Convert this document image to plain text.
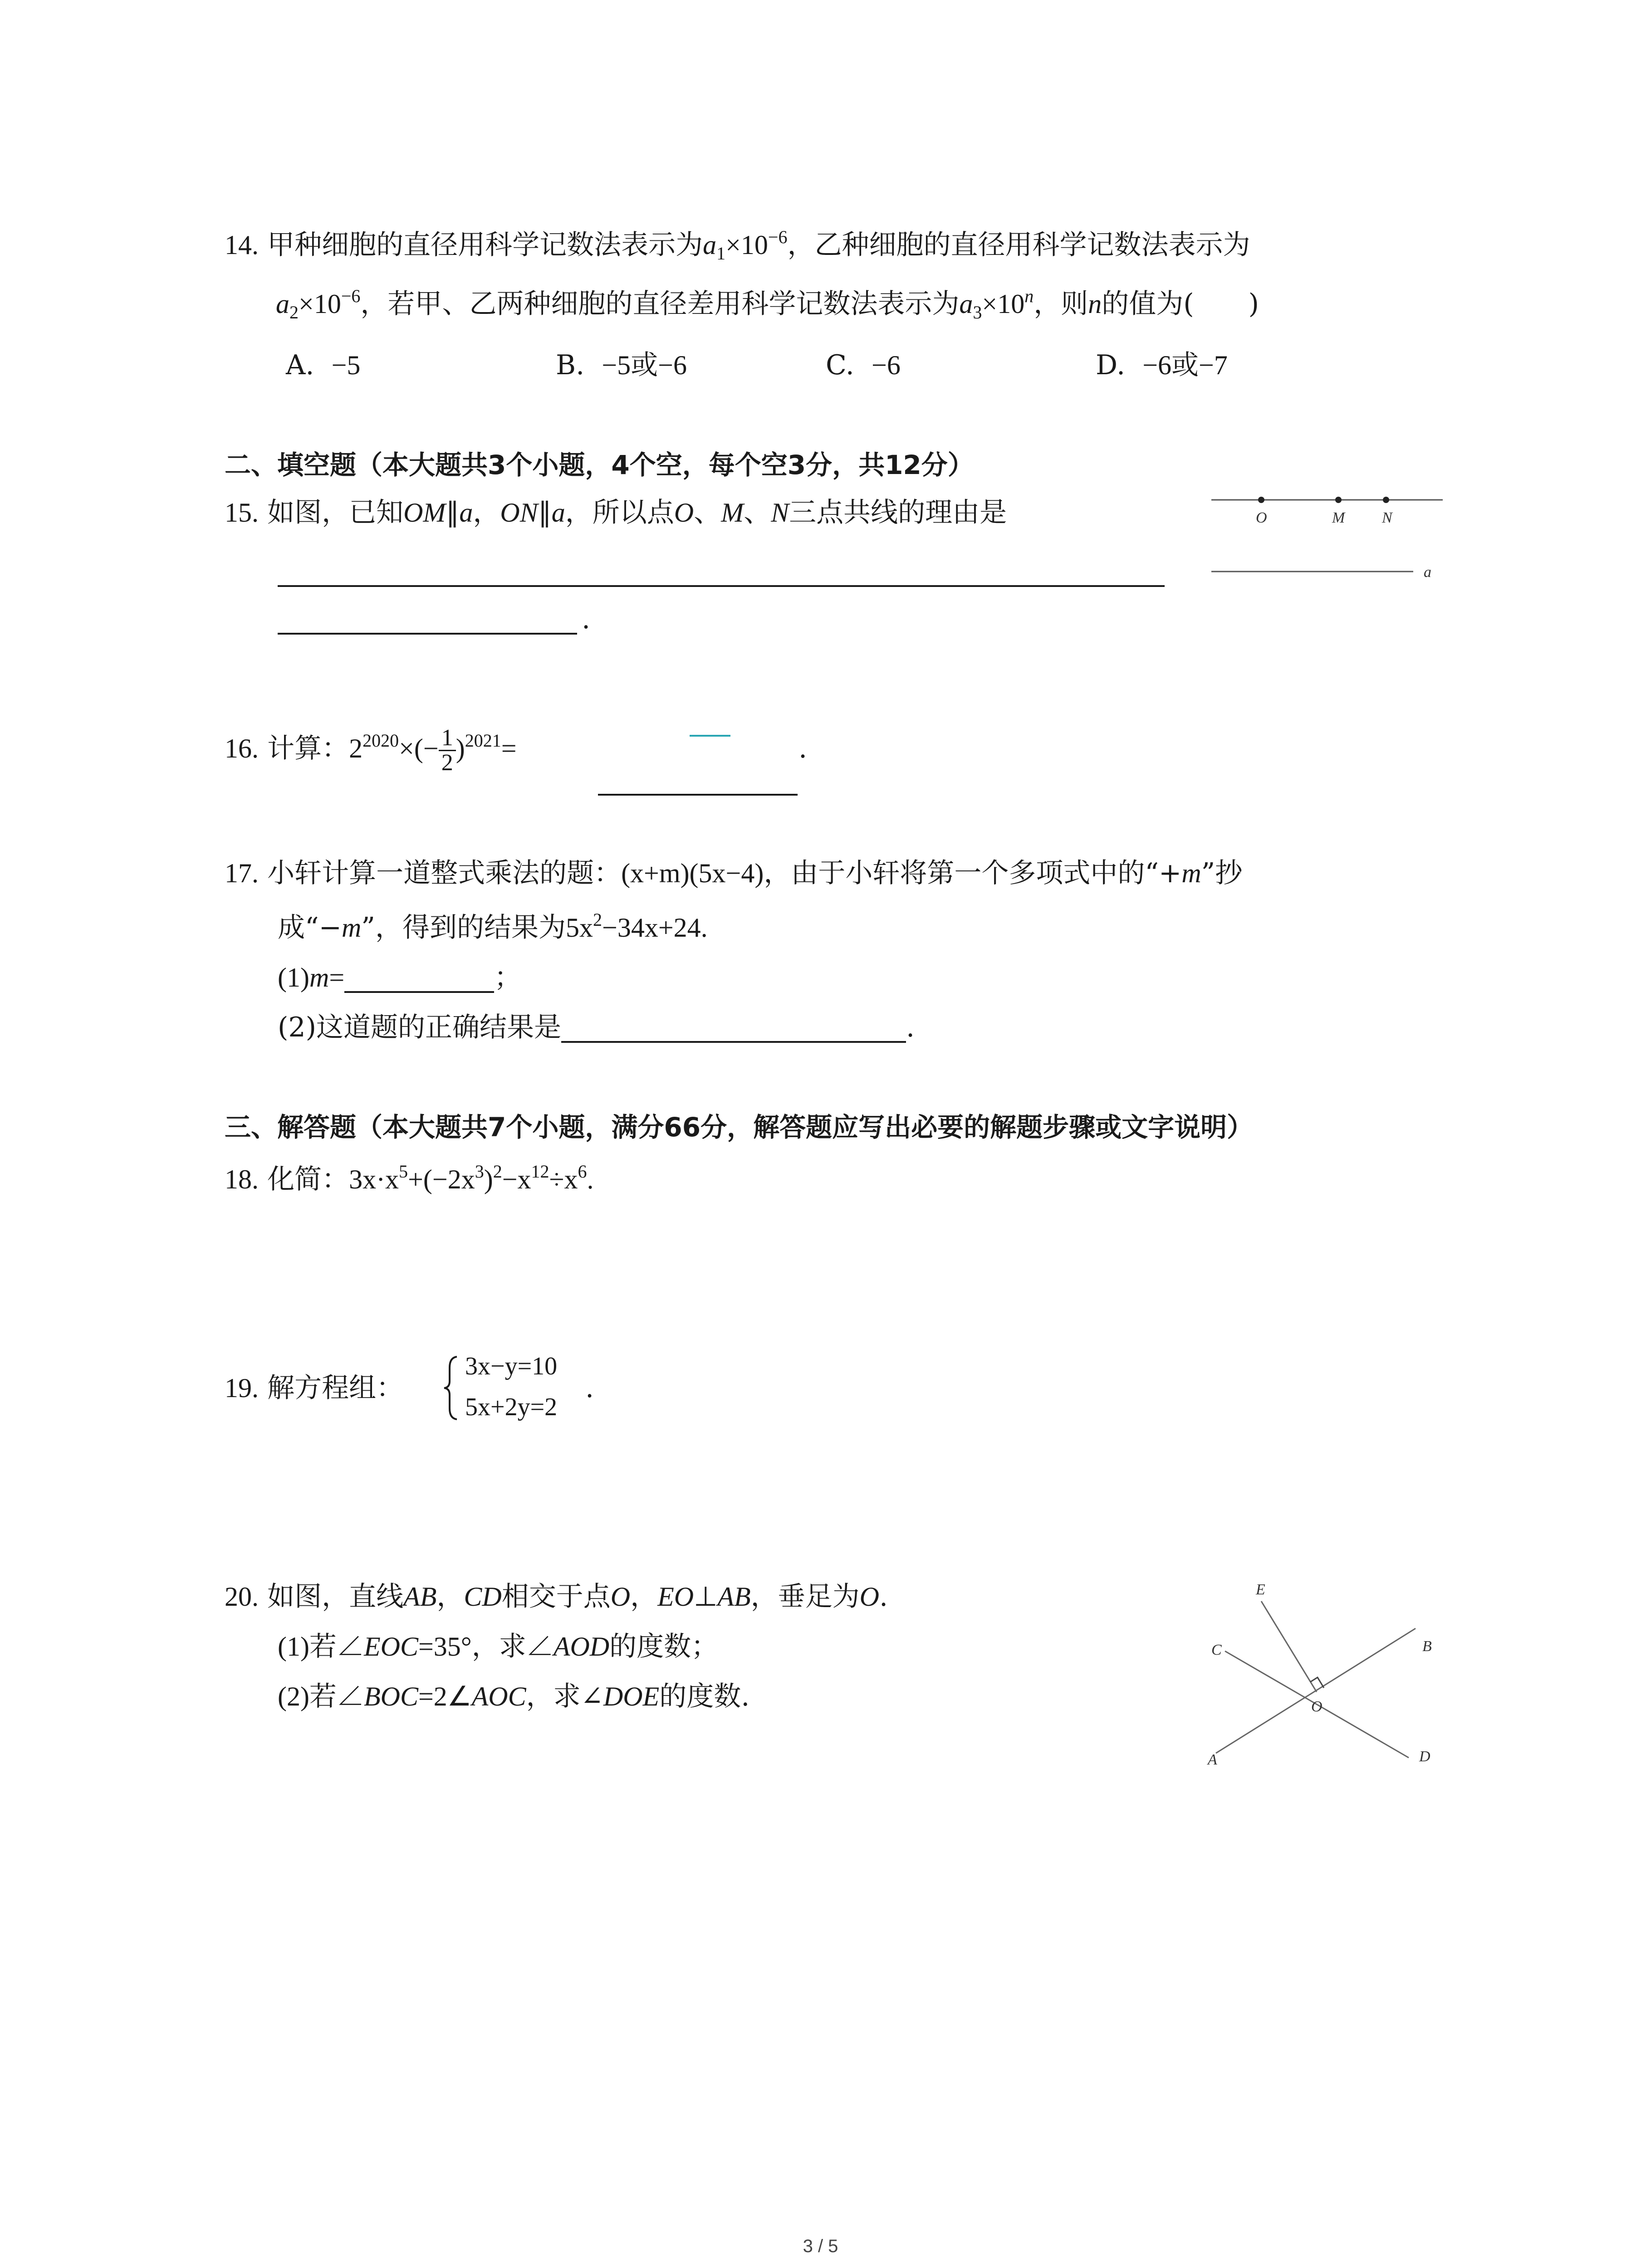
14. 甲种细胞的直径用科学记数法表示为$a_1\times 10^{-6}$，乙种细胞的直径用科学记数法表示为
$a_2\times 10^{-6}$，若甲、乙两种细胞的直径差用科学记数法表示为$a_3\times 10^n$，则n的值为(　　)
A. −5	B. −5或−6	C. −6	D. −6或−7
二、填空题（本大题共3个小题，4个空，每个空3分，共12分）
15. 如图，已知OM∥a，ON∥a，所以点O、M、N三点共线的理由是
.
O	M N
a
16. 计算：$2^{2020}\times(- \frac{1}{2} )^{2021}=$	.
17. 小轩计算一道整式乘法的题：(x+m)(5x−4)，由于小轩将第一个多项式中的“+m”抄
成“−m”，得到的结果为$5x^2-34x+24$.
(1)m=	；
(2)这道题的正确结果是	.
三、解答题（本大题共7个小题，满分66分，解答题应写出必要的解题步骤或文字说明）
18. 化简：$3x\cdot x^5+(-2x^3)^2-x^{12}\div x^6$.
19. 解方程组：
3x−y=10
5x+2y=2
.
20. 如图，直线AB，CD相交于点O，EO⊥AB，垂足为O.
(1)若∠EOC=35°，求∠AOD的度数；
(2)若∠BOC=2∠AOC，求∠DOE的度数.
E
C	B
O
A	D
3 / 5
